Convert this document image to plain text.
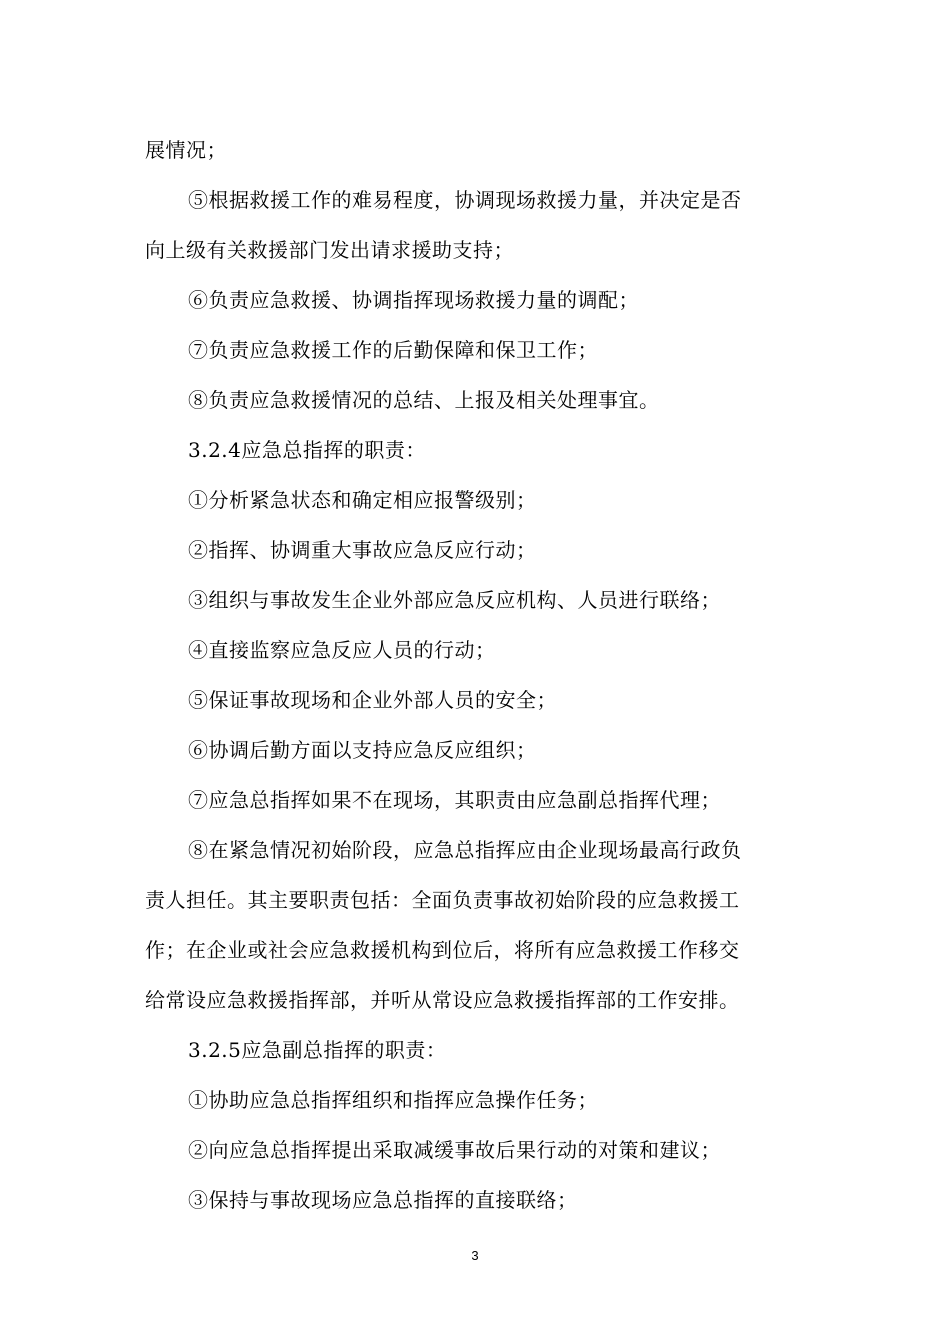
展情况；
⑤根据救援工作的难易程度，协调现场救援力量，并决定是否
向上级有关救援部门发出请求援助支持；
⑥负责应急救援、协调指挥现场救援力量的调配；
⑦负责应急救援工作的后勤保障和保卫工作；
⑧负责应急救援情况的总结、上报及相关处理事宜。
3.2.4应急总指挥的职责：
①分析紧急状态和确定相应报警级别；
②指挥、协调重大事故应急反应行动；
③组织与事故发生企业外部应急反应机构、人员进行联络；
④直接监察应急反应人员的行动；
⑤保证事故现场和企业外部人员的安全；
⑥协调后勤方面以支持应急反应组织；
⑦应急总指挥如果不在现场，其职责由应急副总指挥代理；
⑧在紧急情况初始阶段，应急总指挥应由企业现场最高行政负
责人担任。其主要职责包括：全面负责事故初始阶段的应急救援工
作；在企业或社会应急救援机构到位后，将所有应急救援工作移交
给常设应急救援指挥部，并听从常设应急救援指挥部的工作安排。
3.2.5应急副总指挥的职责：
①协助应急总指挥组织和指挥应急操作任务；
②向应急总指挥提出采取减缓事故后果行动的对策和建议；
③保持与事故现场应急总指挥的直接联络；
3
